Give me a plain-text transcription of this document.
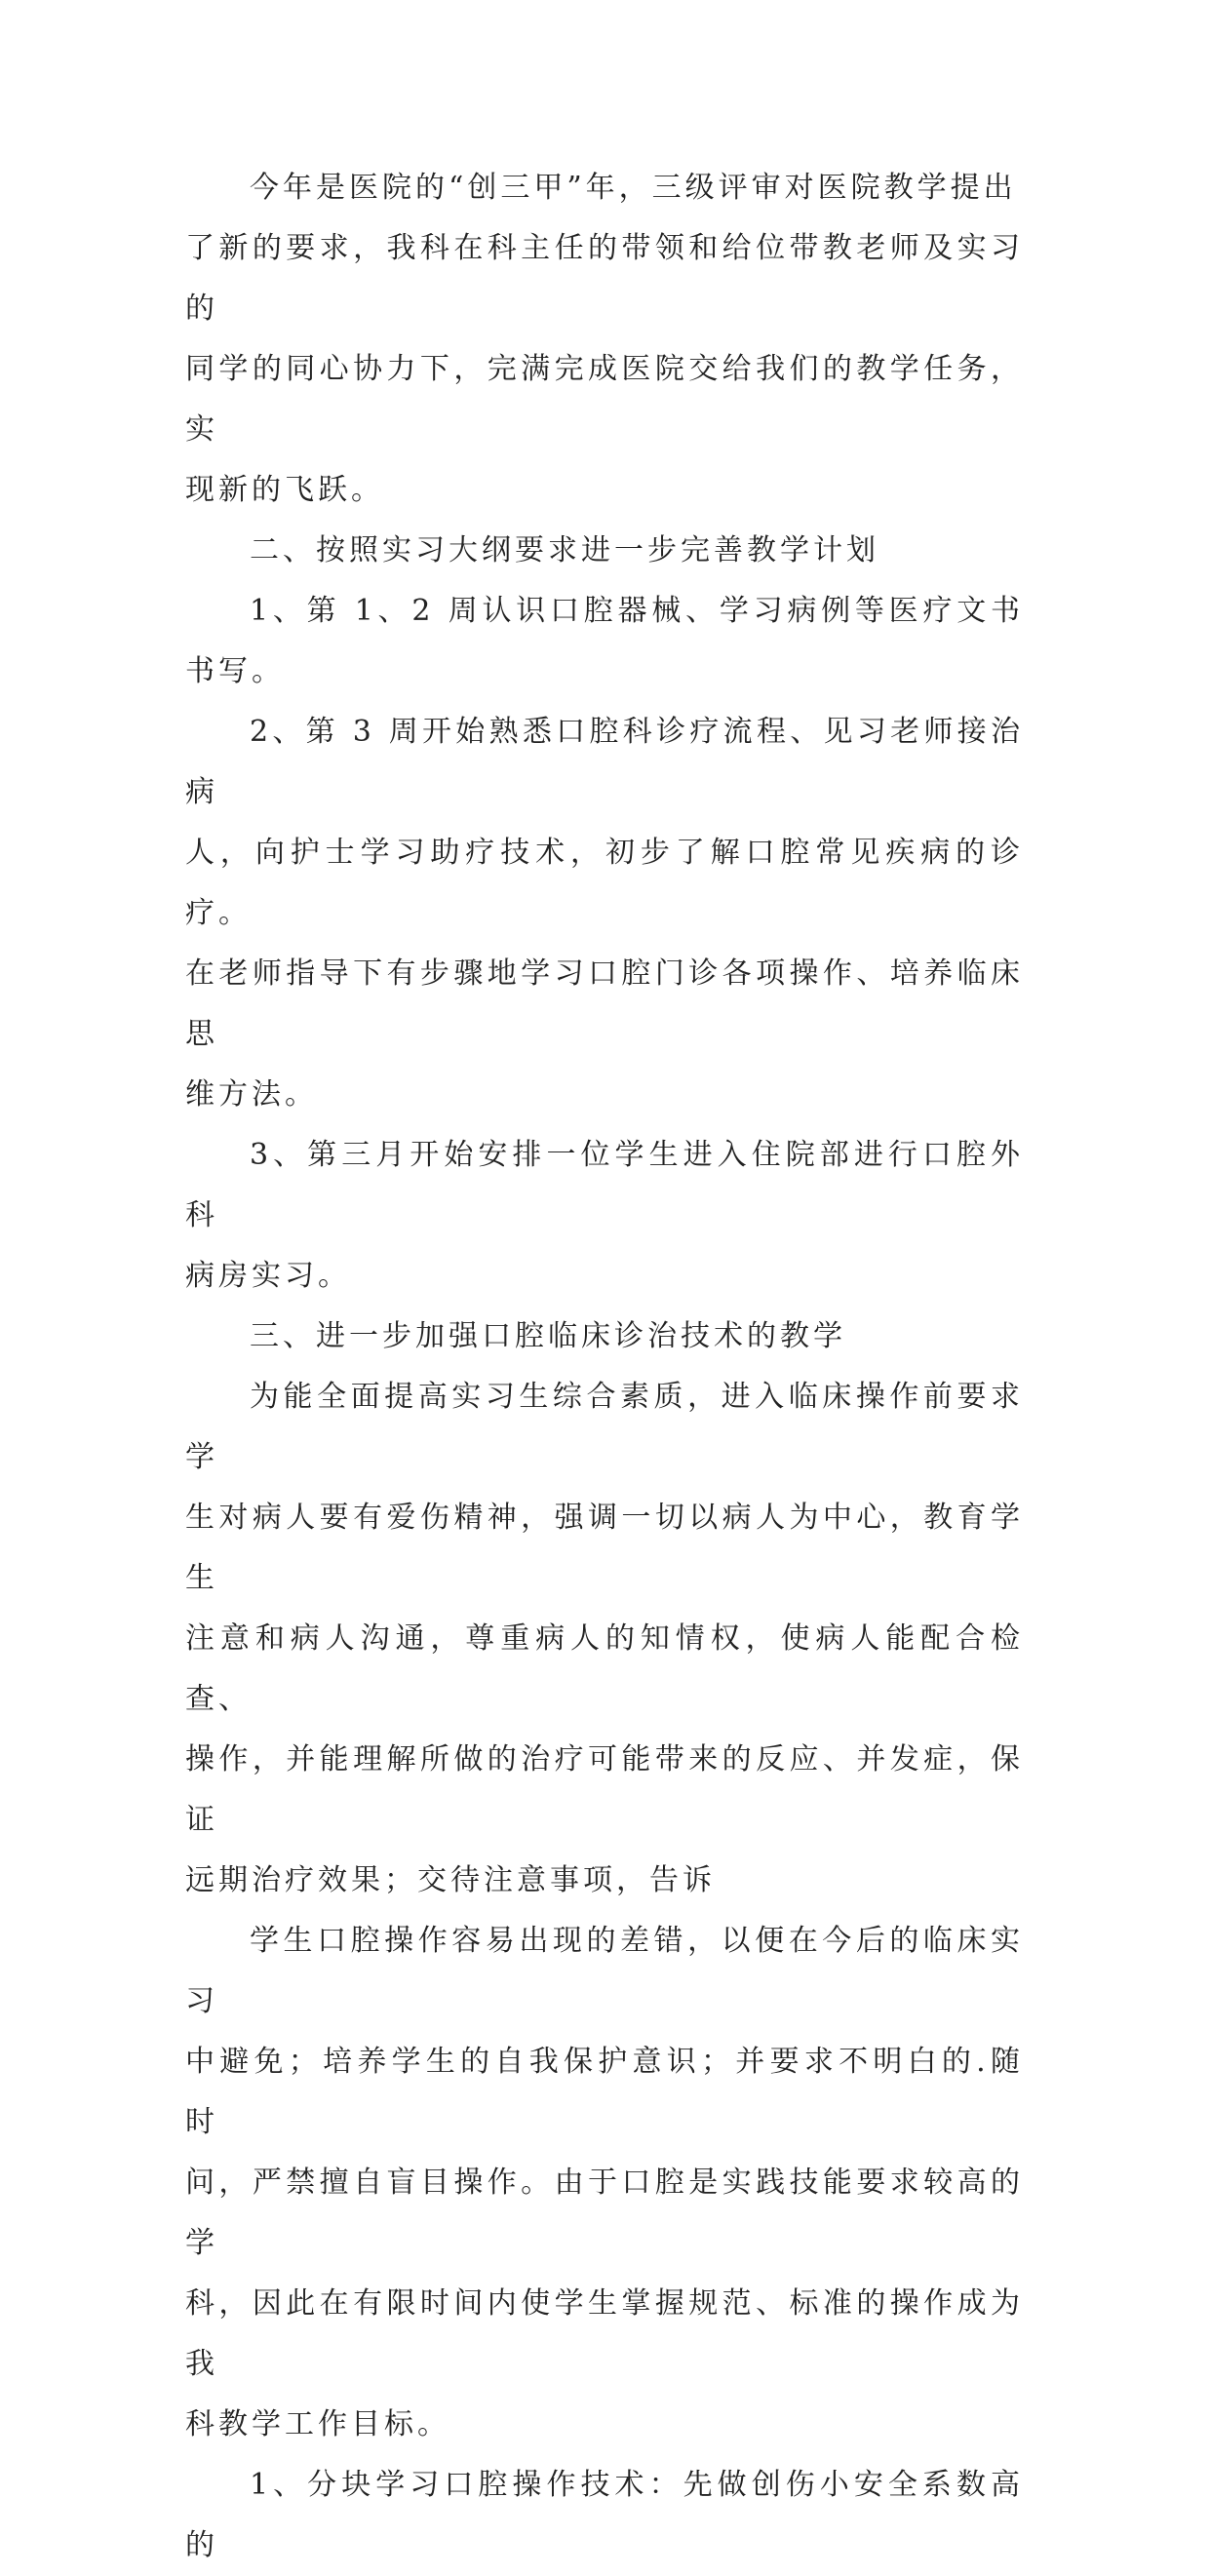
今年是医院的“创三甲”年，三级评审对医院教学提出
了新的要求，我科在科主任的带领和给位带教老师及实习的
同学的同心协力下，完满完成医院交给我们的教学任务，实
现新的飞跃。

二、按照实习大纲要求进一步完善教学计划

1、第 1、2 周认识口腔器械、学习病例等医疗文书书写。

2、第 3 周开始熟悉口腔科诊疗流程、见习老师接治病
人，向护士学习助疗技术，初步了解口腔常见疾病的诊疗。
在老师指导下有步骤地学习口腔门诊各项操作、培养临床思
维方法。

3、第三月开始安排一位学生进入住院部进行口腔外科
病房实习。

三、进一步加强口腔临床诊治技术的教学

为能全面提高实习生综合素质，进入临床操作前要求学
生对病人要有爱伤精神，强调一切以病人为中心，教育学生
注意和病人沟通，尊重病人的知情权，使病人能配合检查、
操作，并能理解所做的治疗可能带来的反应、并发症，保证
远期治疗效果；交待注意事项，告诉

学生口腔操作容易出现的差错，以便在今后的临床实习
中避免；培养学生的自我保护意识；并要求不明白的.随时
问，严禁擅自盲目操作。由于口腔是实践技能要求较高的学
科，因此在有限时间内使学生掌握规范、标准的操作成为我
科教学工作目标。

1、分块学习口腔操作技术：先做创伤小安全系数高的
